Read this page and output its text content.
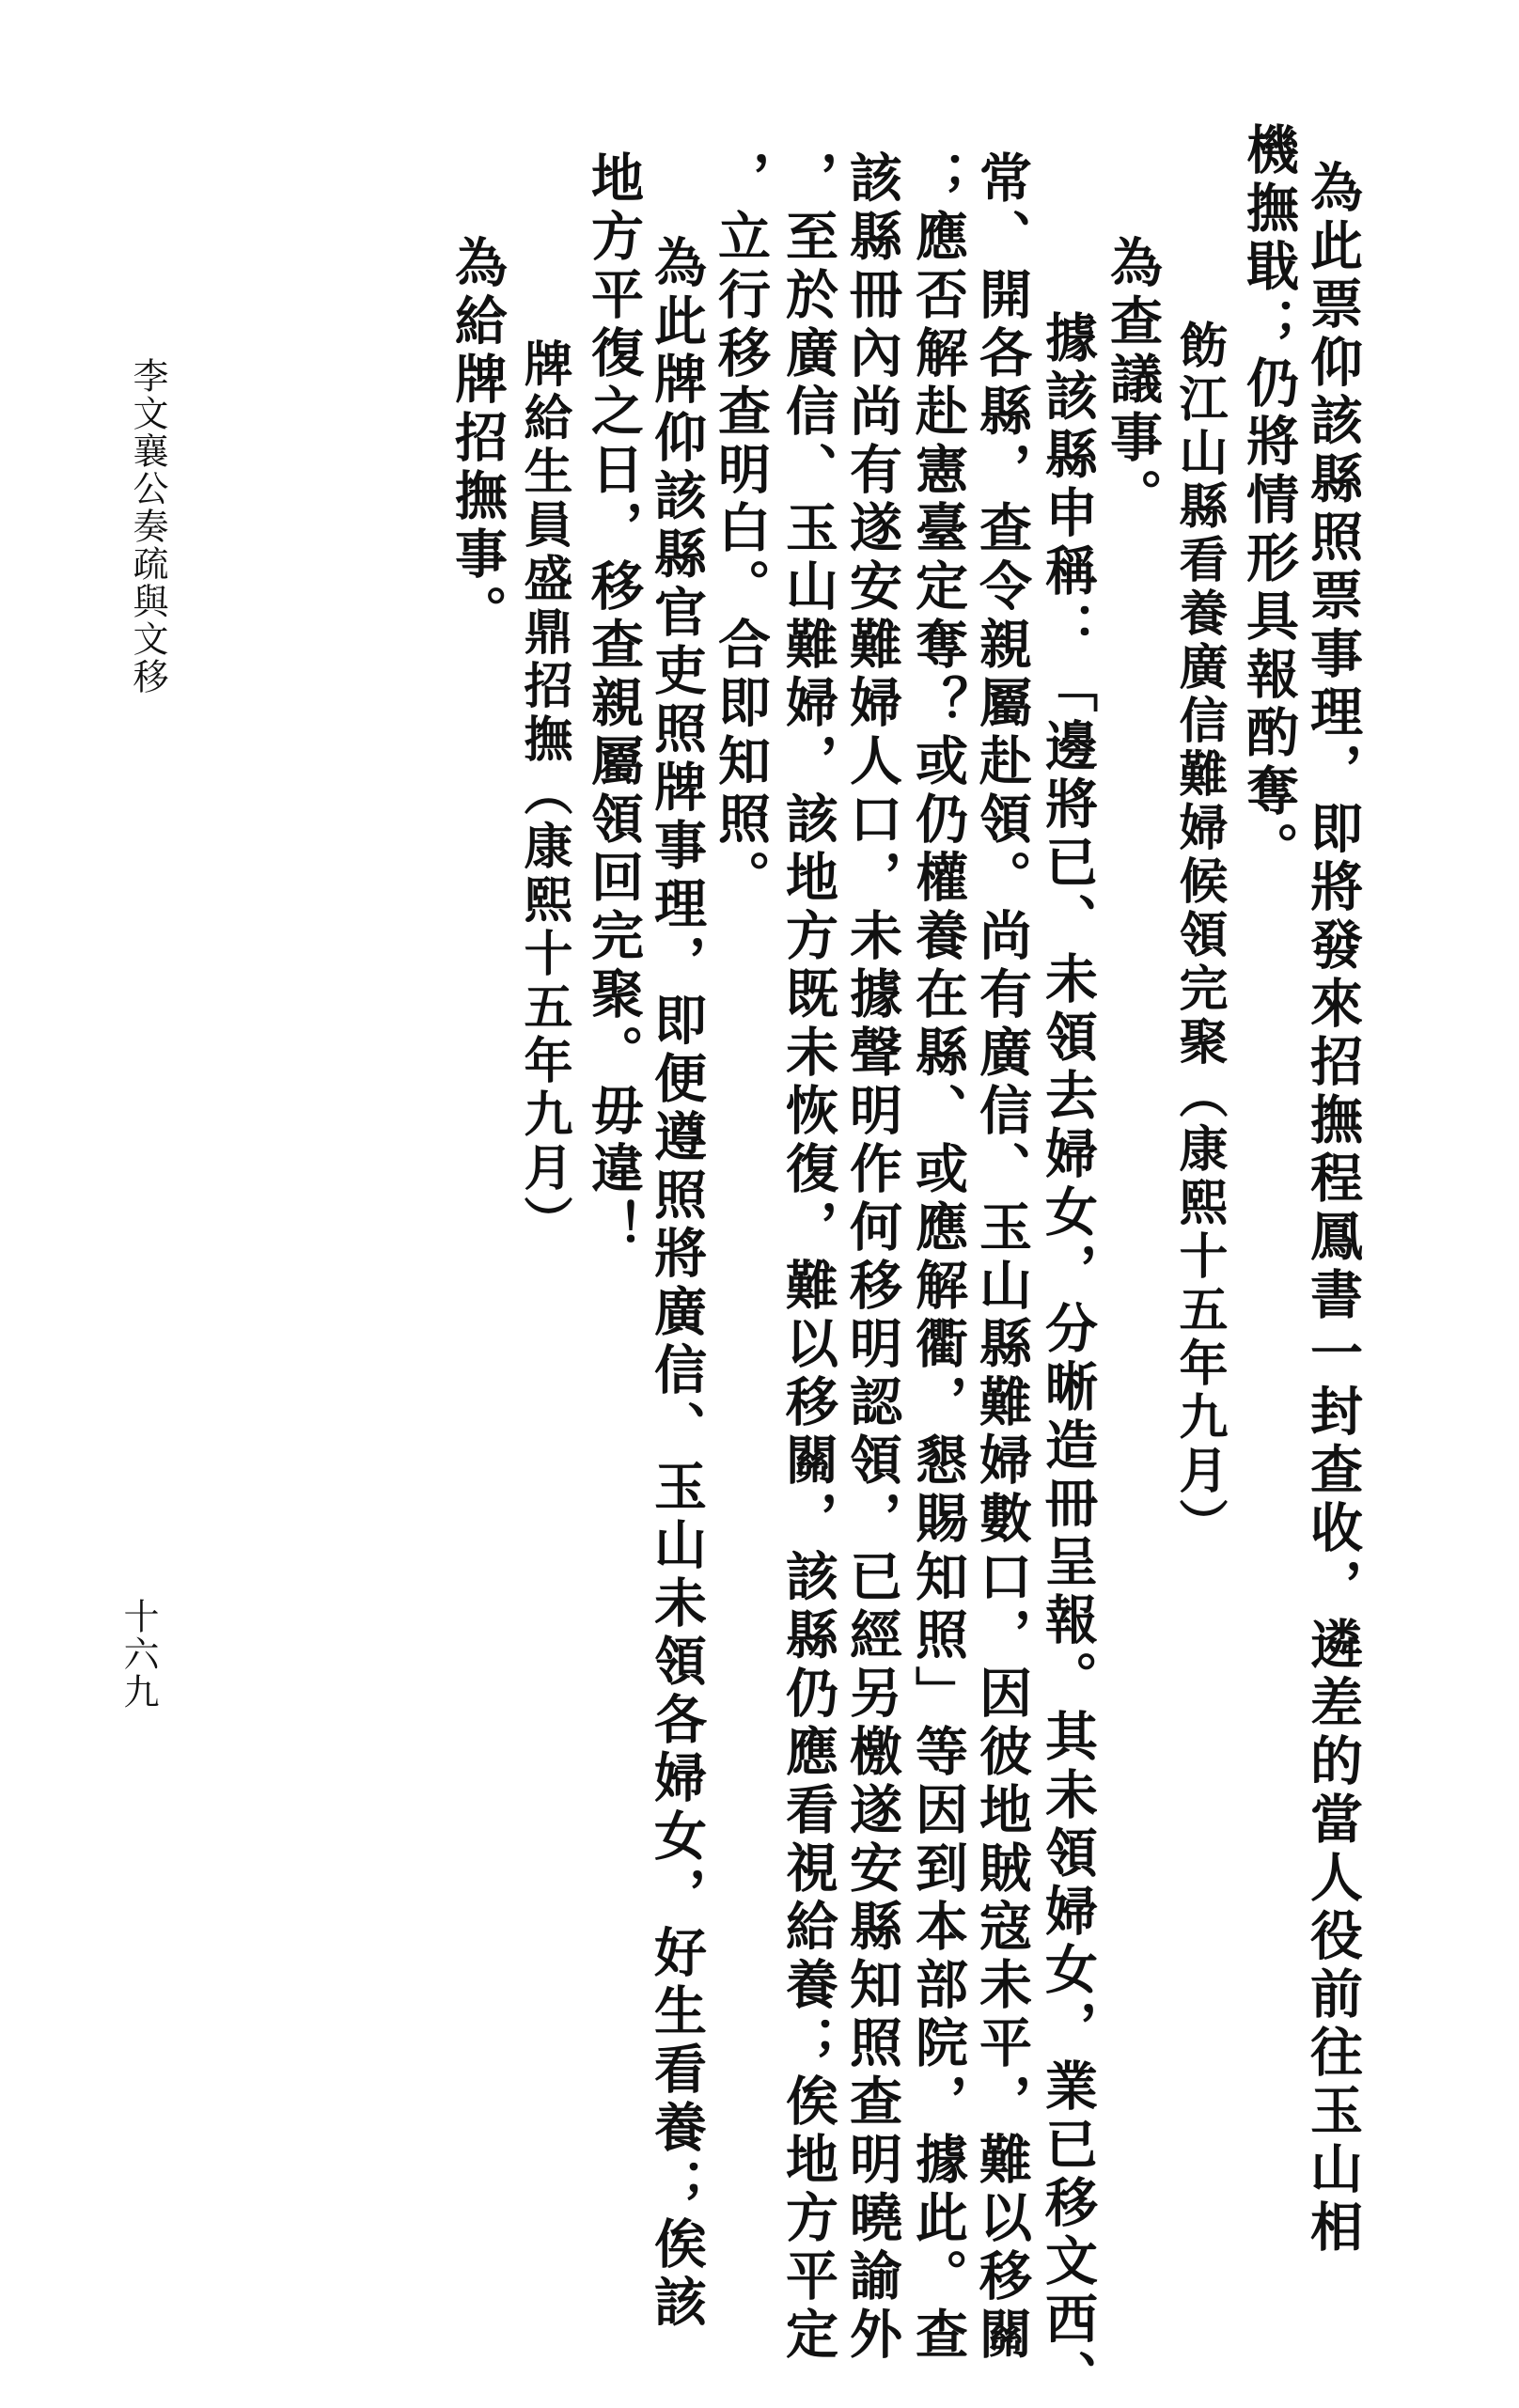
為此票仰該縣照票事理，即將發來招撫程鳳書一封查收，遴差的當人役前往玉山相
機撫戢；仍將情形具報酌奪。
飭江山縣看養廣信難婦候領完聚（康熙十五年九月）
為查議事。
據該縣申稱：「邊將已、未領去婦女，分晰造冊呈報。其未領婦女，業已移文西、
常、開各縣，查令親屬赴領。尚有廣信、玉山縣難婦數口，因彼地賊寇未平，難以移關
；應否解赴憲臺定奪？或仍權養在縣、或應解衢，懇賜知照」等因到本部院，據此。查
該縣冊內尚有遂安難婦人口，未據聲明作何移明認領，已經另檄遂安縣知照查明曉諭外
，至於廣信、玉山難婦，該地方既未恢復，難以移關，該縣仍應看視給養；俟地方平定
，立行移查明白。合即知照。
為此牌仰該縣官吏照牌事理，即便遵照將廣信、玉山未領各婦女，好生看養；俟該
地方平復之日，移查親屬領回完聚。毋違！
牌給生員盛鼎招撫（康熙十五年九月）
為給牌招撫事。
李文襄公奏疏與文移
十六九
